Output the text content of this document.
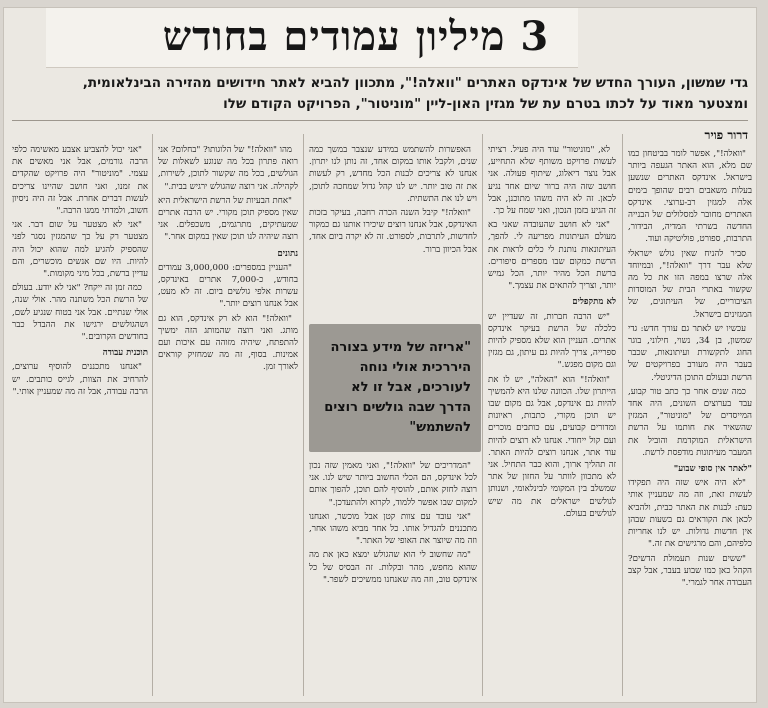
3 מיליון עמודים בחודש
גדי שמשון, העורך החדש של אינדקס האתרים "וואלה!", מתכוון להביא לאתר חידושים מהזירה הבינלאומית,
ומצטער מאוד על לכתו בטרם עת של מגזין האון-ליין "מוניטור", הפרויקט הקודם שלו
דרור פויר

"וואלה!", אפשר לומר בביטחון כמו שם מלא, הוא האתר הגעפה ביותר בישראל. אינדקס האתרים שנשען בעלות משאבים רבים שהופך בימים אלה למגזין רב-ערוצי. אינדקס האתרים מחובר למסלולים של הבנייה החדשה בשרתי המדיה, הבידור, התרבות, ספורט, פוליטיקה ועוד.

סביר להניח שאין גולש ישראלי שלא עבר דרך "וואלה!", ובמיוחד אלה שרצו במפה הזו את כל מה שקשור באתרי הבית של המוסדות הציבוריים, של העיתונים, של המגזינים בישראל.

עכשיו יש לאתר גם עורך חדש: גדי שמשון, בן 34, נשוי, חילוני, בוגר החוג לתקשורת ועיתונאות, שכבר בעבר היה מעורב בפרויקטים של הרשת ובעולם התוכן הדיגיטלי.

כמה שנים אחר כך כתב טור קבוע, עבד בערוצים השונים, היה אחד המייסדים של "מוניטור", המגזין שהשאיר את חותמו על הרשת הישראלית המוקדמת והוביל את המעבר מעיתונות מודפסת לרשת.

"לאתר אין סופי שבוע"

"לא היה איש שזה היה תפקידו לעשות זאת, וזה מה שמעניין אותי כעת: לבנות את האתר כבית, ולהביא לכאן את הקוראים גם בשעות שבהן אין חדשות גדולות. יש לנו אחריות כלפיהם, והם מרגישים את זה."

"ששים שנות תעמולת הדשים? הקהל כאן כמו שבוע בעבר, אבל קצב העבודה אחר לגמרי."

לא, "מוניטור" עוד היה פעיל. רציתי לעשות פרויקט משותף שלא התחייע, אבל נוצר דיאלוג, שיתוף פעולה. אני חושב שזה היה ברור שיום אחד נגיע לכאן. זה לא היה משהו מתוכנן, אבל זה הגיע בזמן הנכון, ואני שמח על כך.

"אני לא חושב שהעובדה שאני בא מעולם העיתונות מפריעה לי. להפך, העיתונאות נותנת לי כלים לראות את הרשת כמקום שבו מספרים סיפורים. ברשת הכל מהיר יותר, הכל גמיש יותר, וצריך להתאים את עצמך."

לא מתקפלים

"יש הרבה חברות, זה שעדיין יש כלכלה של הרשת בעיקר אינדקס אתרים. העניין הוא שלא מספיק להיות ספרייה, צריך להיות גם עיתון, גם מגזין וגם מקום מפגש."

"וואלה!" הוא "האלה", יש לו את הייתרון שלו. הכוונה שלנו היא להמשיך להיות גם אינדקס, אבל גם מקום שבו יש תוכן מקורי, כתבות, ראיונות ומדורים קבועים, עם כותבים מוכרים ועם קול ייחודי. אנחנו לא רוצים להיות עוד אתר, אנחנו רוצים להיות האתר. זה תהליך ארוך, והוא כבר התחיל. אני לא מתכוון לוותר על החזון של אתר שמשלב בין המקומי לבינלאומי, ושנותן לגולשים ישראלים את מה שיש לגולשים בעולם.

האפשרות להשתמש במידע שנצבר במשך כמה שנים, ולקבל אותו במקום אחד, זה נותן לנו יתרון. אנחנו לא צריכים לבנות הכל מחדש, רק לעשות את זה טוב יותר. יש לנו קהל גדול שמחכה לתוכן, ויש לנו את התשתית.

"וואלה!" קיבל השנה הכרה רחבה, בעיקר בזכות האינדקס, אבל אנחנו רוצים שיכירו אותנו גם כמקור לחדשות, לתרבות, לספורט. זה לא יקרה ביום אחד, אבל הכיוון ברור.

מהו "וואלה!" של הלוגותו? "בחלום? אני רואה פתרון בכל מה שנוגע לשאלות של הגולשים, בכל מה שקשור לתוכן, לשירות, לקהילה. אני רוצה שהגולש ירגיש בבית."

"אחת הבעיות של הרשת הישראלית היא שאין מספיק תוכן מקורי. יש הרבה אתרים שמעתיקים, מתרגמים, משכפלים. אני רוצה שיהיה לנו תוכן שאין במקום אחר."

נתונים

"העניין במספרים: 3,000,000 עמודים בחודש, כ-7,000 אתרים באינדקס, עשרות אלפי גולשים ביום. זה לא מעט, אבל אנחנו רוצים יותר."

"וואלה!" הוא לא רק אינדקס, הוא גם מותג. ואני רוצה שהמותג הזה ימשיך להתפתח, שיהיה מזוהה עם איכות ועם אמינות. בסוף, זה מה שמחזיק קוראים לאורך זמן.

"אני יכול להצביע אצבע מאשימה כלפי הרבה גורמים, אבל אני מאשים את עצמי. "מוניטור" היה פרויקט שהקדים את זמנו, ואני חושב שהיינו צריכים לעשות דברים אחרת. אבל זה היה ניסיון חשוב, ולמדתי ממנו הרבה."

"אני לא מצטער על שום דבר. אני מצטער רק על כך שהמגזין נסגר לפני שהספיק להגיע למה שהוא יכול היה להיות. היו שם אנשים מוכשרים, והם עדיין ברשת, בכל מיני מקומות."

כמה זמן זה ייקח? "אני לא יודע. בעולם של הרשת הכל משתנה מהר. אולי שנה, אולי שנתיים. אבל אני בטוח שנגיע לשם, ושהגולשים ירגישו את ההבדל כבר בחודשים הקרובים."

תוכנית עבודה

"אנחנו מתכננים להוסיף ערוצים, להרחיב את הצוות, לגייס כותבים. יש הרבה עבודה, אבל זה מה שמעניין אותי."

"המדריכים של "וואלה!", ואני מאמין שזה נכון לכל אינדקס, הם הכלי החשוב ביותר שיש לנו. אני רוצה לחזק אותם, להוסיף להם תוכן, להפוך אותם למקום שבו אפשר ללמוד, לקרוא ולהתעדכן."

"אני עובד עם צוות קטן אבל מוכשר, ואנחנו מתכננים להגדיל אותו. כל אחד מביא משהו אחר, וזה מה שיוצר את האופי של האתר."

"מה שחשוב לי הוא שהגולש ימצא כאן את מה שהוא מחפש, מהר ובקלות. זה הבסיס של כל אינדקס טוב, וזה מה שאנחנו ממשיכים לשפר."

"אריזה של מידע בצורה היררכית אולי נוחה לעורכים, אבל זו לא הדרך שבה גולשים רוצים להשתמש"
